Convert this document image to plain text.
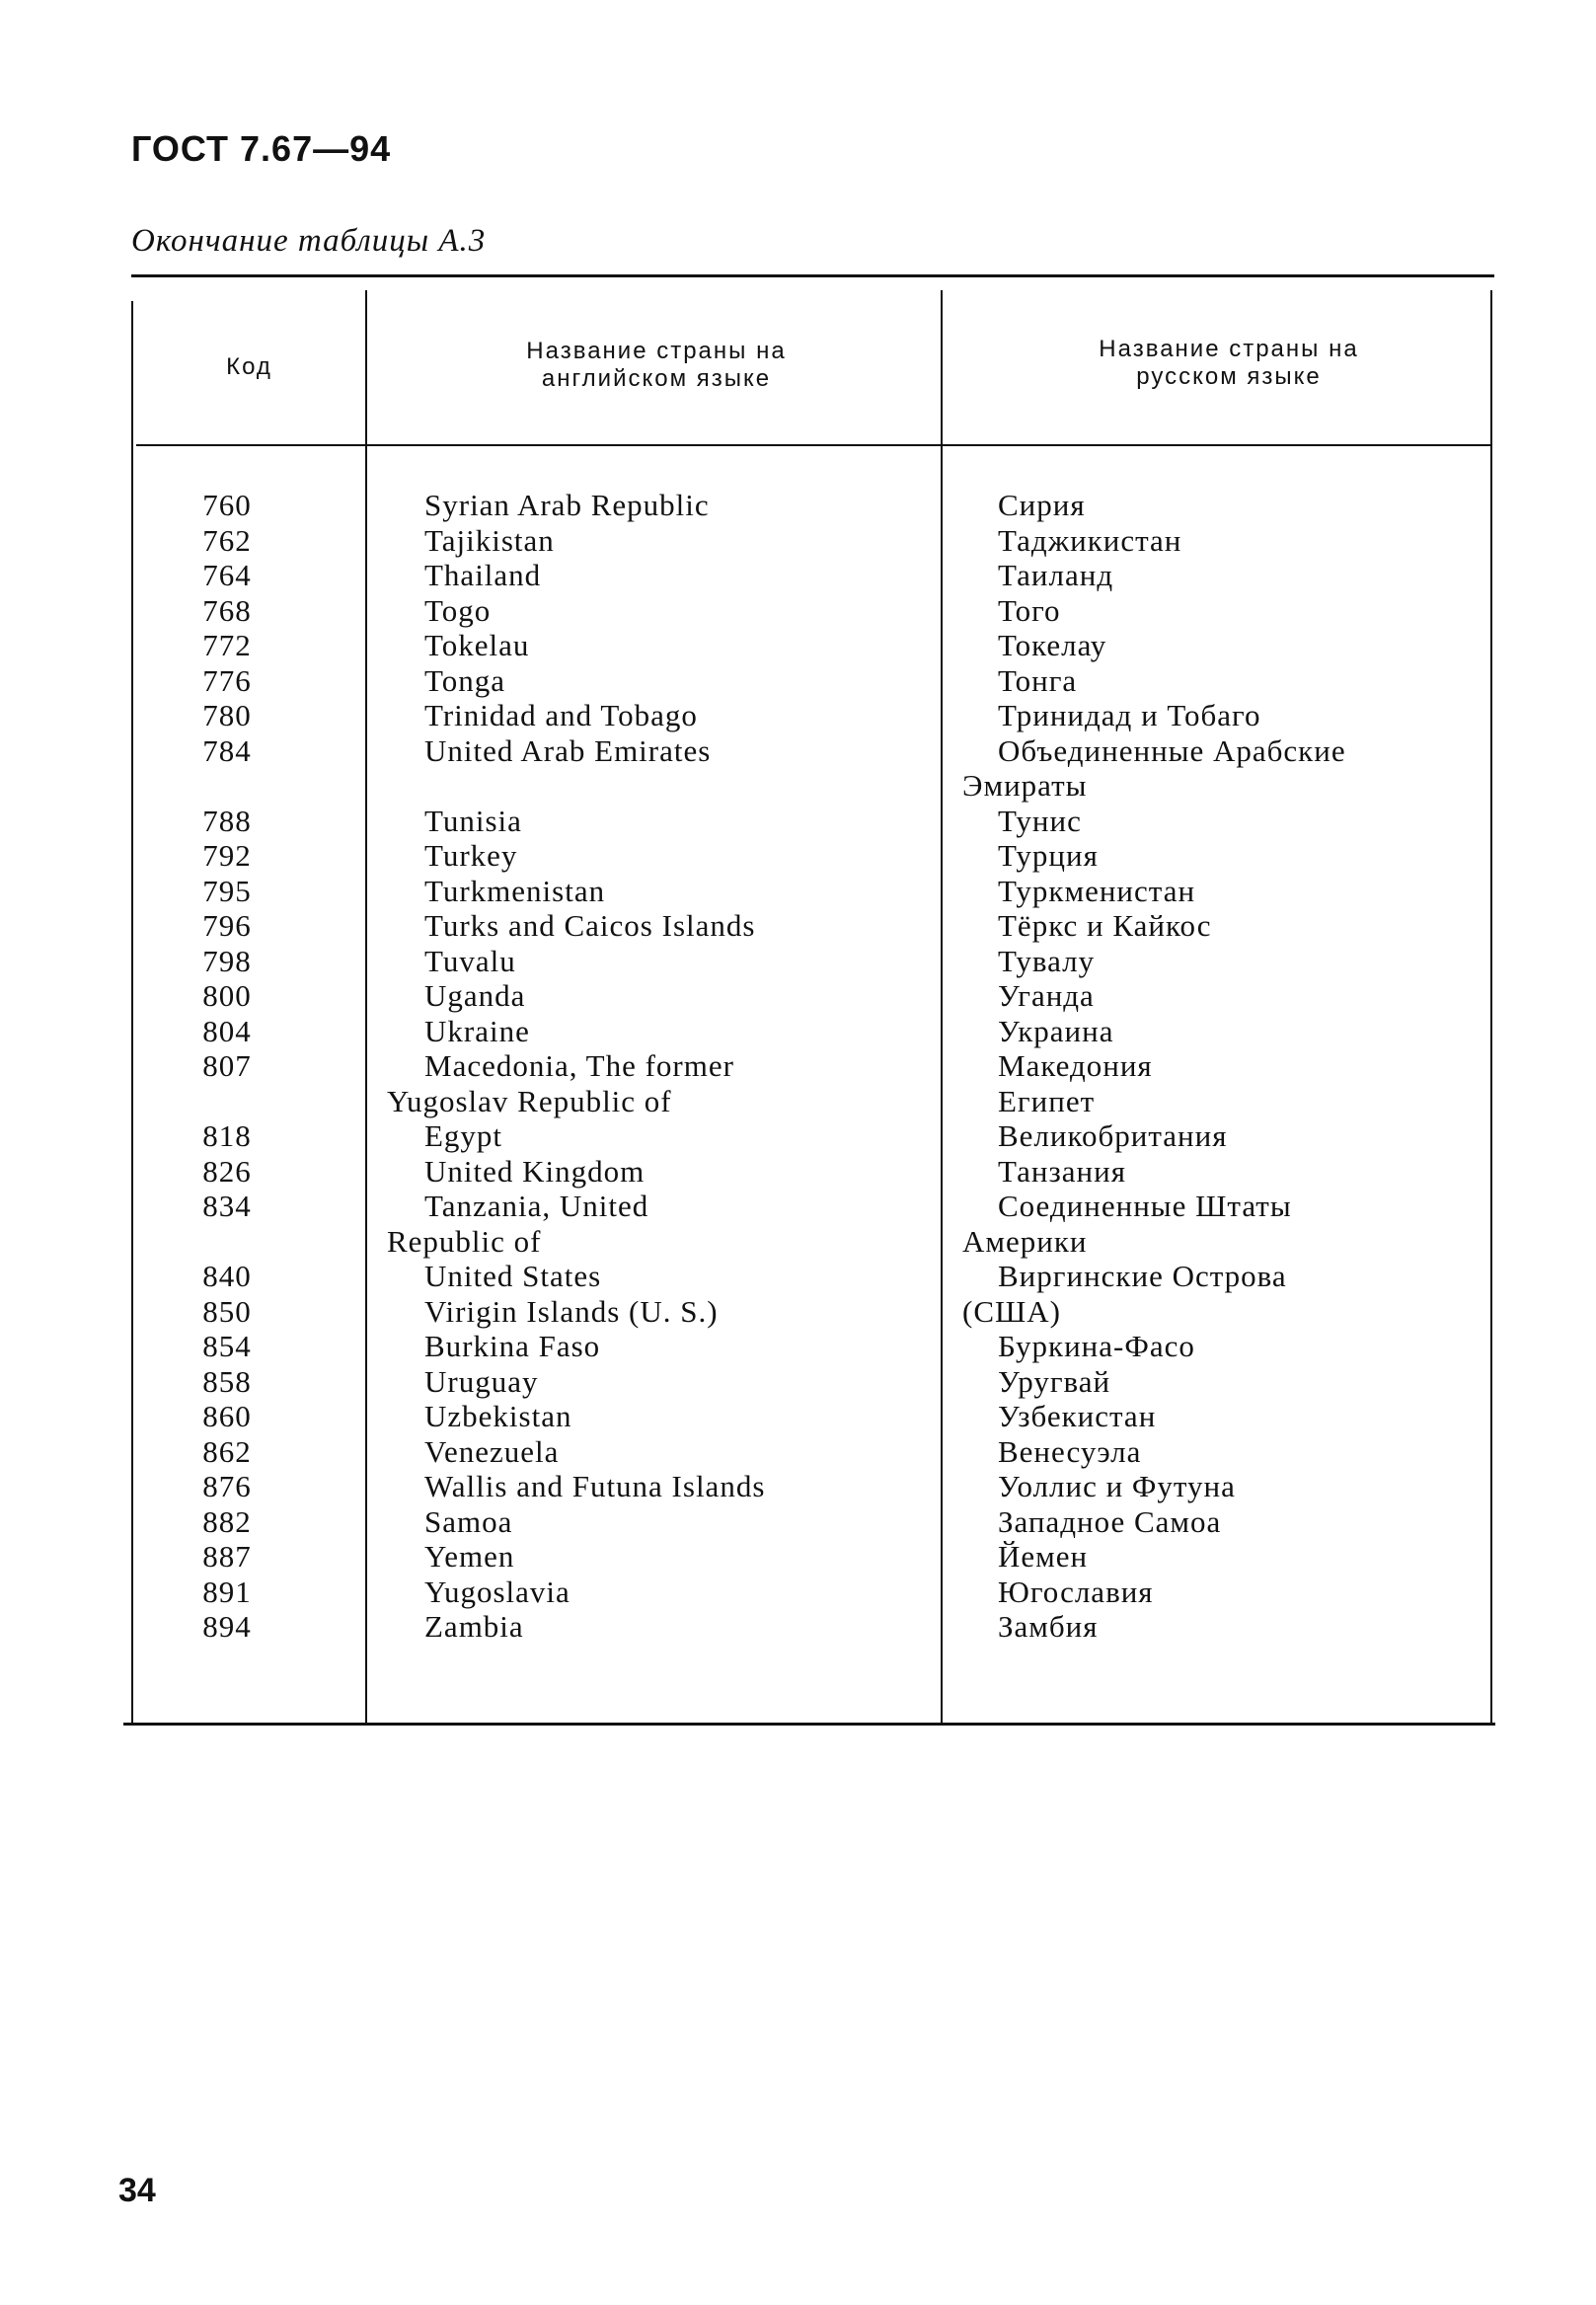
ГОСТ 7.67—94
Окончание таблицы А.3
Код
Название страны на английском языке
Название страны на русском языке
760
762
764
768
772
776
780
784
788
792
795
796
798
800
804
807
818
826
834
840
850
854
858
860
862
876
882
887
891
894
Syrian Arab Republic
Tajikistan
Thailand
Togo
Tokelau
Tonga
Trinidad and Tobago
United Arab Emirates
Tunisia
Turkey
Turkmenistan
Turks and Caicos Islands
Tuvalu
Uganda
Ukraine
Macedonia, The former
Yugoslav Republic of
Egypt
United Kingdom
Tanzania, United
Republic of
United States
Virigin Islands (U. S.)
Burkina Faso
Uruguay
Uzbekistan
Venezuela
Wallis and Futuna Islands
Samoa
Yemen
Yugoslavia
Zambia
Сирия
Таджикистан
Таиланд
Того
Токелау
Тонга
Тринидад и Тобаго
Объединенные Арабские
Эмираты
Тунис
Турция
Туркменистан
Тёркс и Кайкос
Тувалу
Уганда
Украина
Македония
Египет
Великобритания
Танзания
Соединенные Штаты
Америки
Виргинские Острова
(США)
Буркина-Фасо
Уругвай
Узбекистан
Венесуэла
Уоллис и Футуна
Западное Самоа
Йемен
Югославия
Замбия
34
